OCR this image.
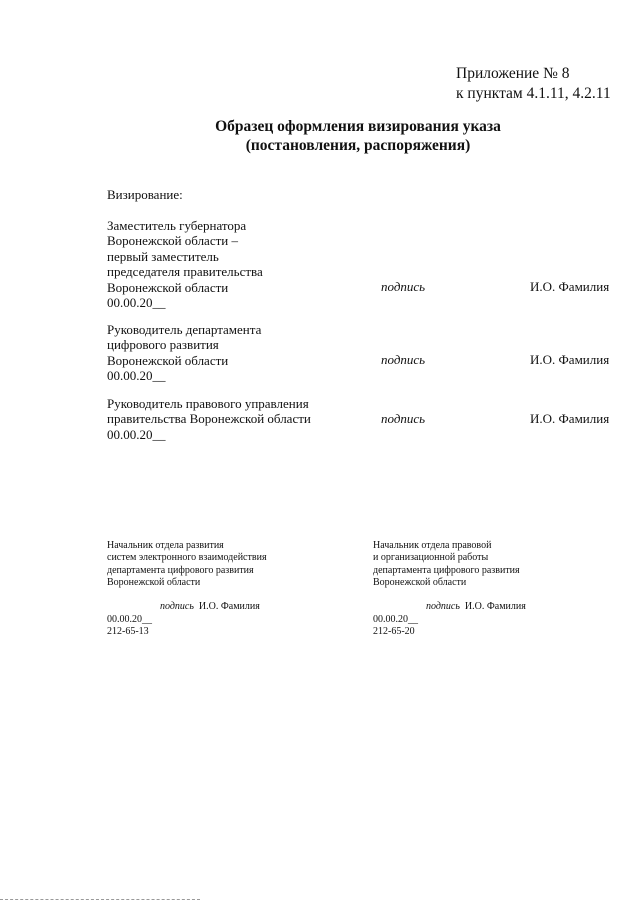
Приложение № 8
к пунктам 4.1.11, 4.2.11
Образец оформления визирования указа
(постановления, распоряжения)
Визирование:
Заместитель губернатора
Воронежской области –
первый заместитель
председателя правительства
Воронежской области
00.00.20__
подпись	И.О. Фамилия
Руководитель департамента
цифрового развития
Воронежской области
00.00.20__
подпись	И.О. Фамилия
Руководитель правового управления
правительства Воронежской области
00.00.20__
подпись	И.О. Фамилия
Начальник отдела развития
систем электронного взаимодействия
департамента цифрового развития
Воронежской области
подпись И.О. Фамилия
00.00.20__
212-65-13
Начальник отдела правовой
и организационной работы
департамента цифрового развития
Воронежской области
подпись И.О. Фамилия
00.00.20__
212-65-20
